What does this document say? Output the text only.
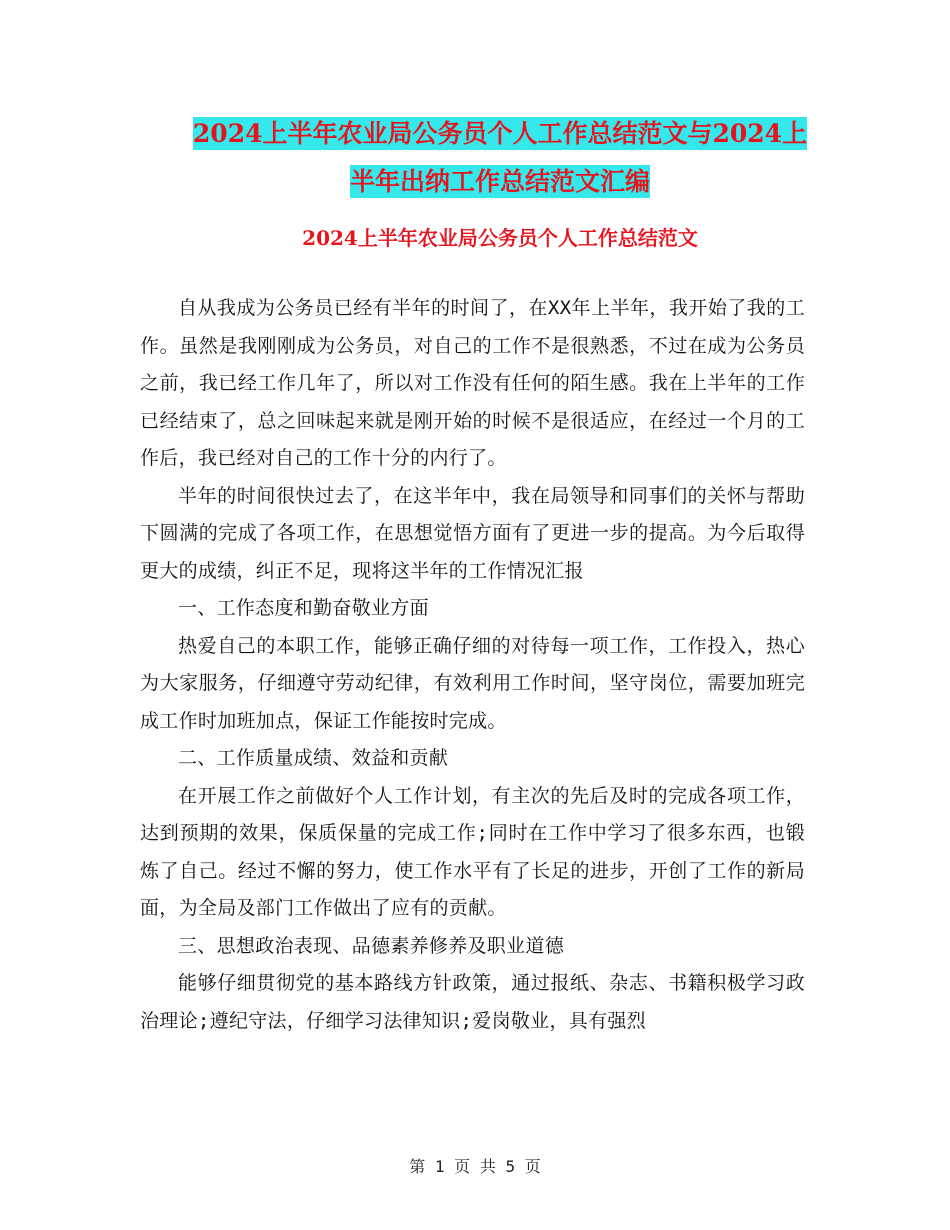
2024上半年农业局公务员个人工作总结范文与2024上
半年出纳工作总结范文汇编
2024上半年农业局公务员个人工作总结范文

自从我成为公务员已经有半年的时间了，在XX年上半年，我开始了我的工作。虽然是我刚刚成为公务员，对自己的工作不是很熟悉，不过在成为公务员之前，我已经工作几年了，所以对工作没有任何的陌生感。我在上半年的工作已经结束了，总之回味起来就是刚开始的时候不是很适应，在经过一个月的工作后，我已经对自己的工作十分的内行了。

半年的时间很快过去了，在这半年中，我在局领导和同事们的关怀与帮助下圆满的完成了各项工作，在思想觉悟方面有了更进一步的提高。为今后取得更大的成绩，纠正不足，现将这半年的工作情况汇报

一、工作态度和勤奋敬业方面

热爱自己的本职工作，能够正确仔细的对待每一项工作，工作投入，热心为大家服务，仔细遵守劳动纪律，有效利用工作时间，坚守岗位，需要加班完成工作时加班加点，保证工作能按时完成。

二、工作质量成绩、效益和贡献

在开展工作之前做好个人工作计划，有主次的先后及时的完成各项工作，达到预期的效果，保质保量的完成工作;同时在工作中学习了很多东西，也锻炼了自己。经过不懈的努力，使工作水平有了长足的进步，开创了工作的新局面，为全局及部门工作做出了应有的贡献。

三、思想政治表现、品德素养修养及职业道德

能够仔细贯彻党的基本路线方针政策，通过报纸、杂志、书籍积极学习政治理论;遵纪守法，仔细学习法律知识;爱岗敬业，具有强烈

第 1 页 共 5 页
